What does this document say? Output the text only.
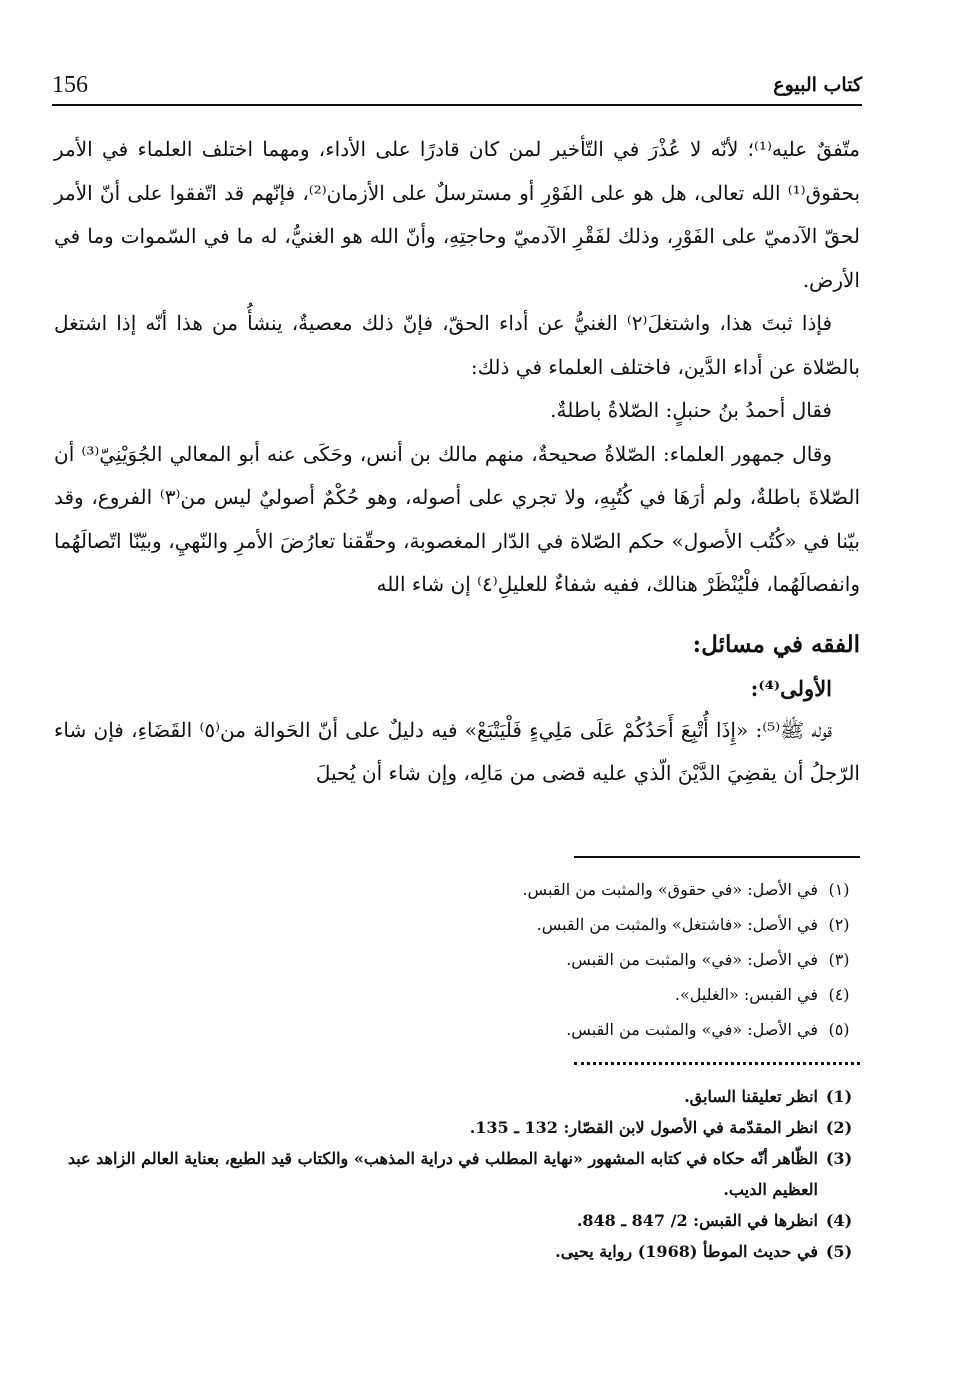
156	كتاب البيوع

متّفقٌ عليه⁽¹⁾؛ لأنّه لا عُذْرَ في التّأخير لمن كان قادرًا على الأداء، ومهما اختلف العلماء في الأمر بحقوق⁽¹⁾ الله تعالى، هل هو على الفَوْرِ أو مسترسلٌ على الأزمان⁽²⁾، فإنّهم قد اتّفقوا على أنّ الأمر لحقّ الآدميّ على الفَوْرِ، وذلك لفَقْرِ الآدميّ وحاجتِهِ، وأنّ الله هو الغنيُّ، له ما في السّموات وما في الأرض.

فإذا ثبتَ هذا، واشتغلَ⁽٢⁾ الغنيُّ عن أداء الحقّ، فإنّ ذلك معصيةٌ، ينشأُ من هذا أنّه إذا اشتغل بالصّلاة عن أداء الدَّين، فاختلف العلماء في ذلك:

فقال أحمدُ بنُ حنبلٍ: الصّلاةُ باطلةٌ.

وقال جمهور العلماء: الصّلاةُ صحيحةٌ، منهم مالك بن أنس، وحَكَى عنه أبو المعالي الجُوَيْنِيّ⁽³⁾ أن الصّلاةَ باطلةٌ، ولم أرَهَا في كُتُبِهِ، ولا تجري على أصوله، وهو حُكْمٌ أصوليٌ ليس من⁽٣⁾ الفروع، وقد بيّنا في «كُتُب الأصول» حكم الصّلاة في الدّار المغصوبة، وحقّقنا تعارُضَ الأمرِ والنّهيِ، وبيّنّا اتّصالَهُما وانفصالَهُما، فلْيُنْظَرْ هنالك، ففيه شفاءٌ للعليلِ⁽٤⁾ إن شاء الله

الفقه في مسائل:

الأولى⁽⁴⁾:

قوله ﷺ⁽⁵⁾: «إِذَا أُتْبِعَ أَحَدُكُمْ عَلَى مَلِيءٍ فَلْيَتْبَعْ» فيه دليلٌ على أنّ الحَوالة من⁽٥⁾ القَضَاءِ، فإن شاء الرّجلُ أن يقضِيَ الدَّيْنَ الّذي عليه قضى من مَالِه، وإن شاء أن يُحيلَ

(١)
في الأصل: «في حقوق» والمثبت من القبس.
(٢)
في الأصل: «فاشتغل» والمثبت من القبس.
(٣)
في الأصل: «في» والمثبت من القبس.
(٤)
في القبس: «الغليل».
(٥)
في الأصل: «في» والمثبت من القبس.
(1)
انظر تعليقنا السابق.
(2)
انظر المقدّمة في الأصول لابن القصّار: 132 ـ 135.
(3)
الظّاهر أنّه حكاه في كتابه المشهور «نهاية المطلب في دراية المذهب» والكتاب قيد الطبع، بعناية العالم الزاهد عبد العظيم الديب.
(4)
انظرها في القبس: 2/ 847 ـ 848.
(5)
في حديث الموطأ (1968) رواية يحيى.
